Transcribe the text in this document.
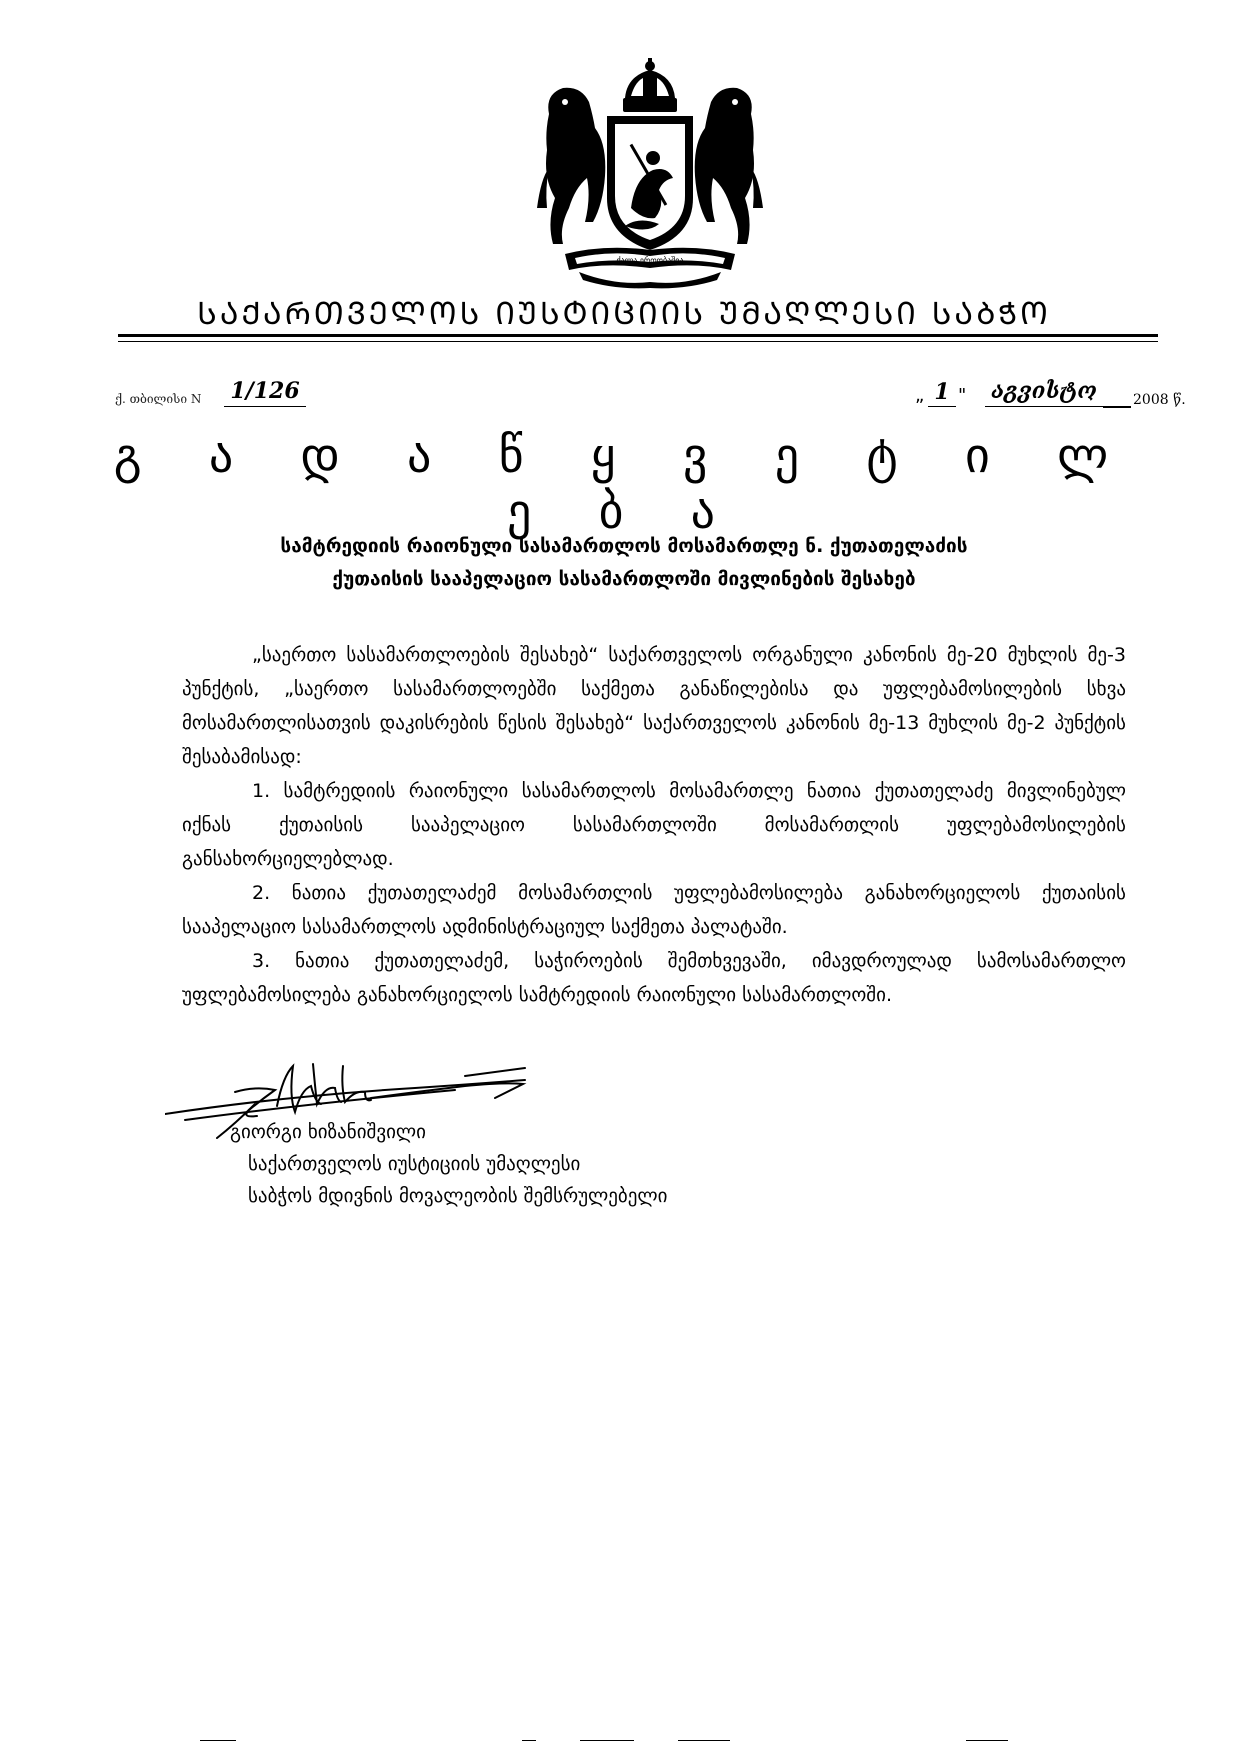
ძალა ერთობაშია
ᲡᲐᲥᲐᲠᲗᲕᲔᲚᲝᲡ ᲘᲣᲡᲢᲘᲪᲘᲘᲡ ᲣᲛᲐᲦᲚᲔᲡᲘ ᲡᲐᲑᲭᲝ
ქ. თბილისი N 1/126	„ 1 " აგვისტო	2008 წ.
გ ა დ ა წ ყ ვ ე ტ ი ლ ე ბ ა
სამტრედიის რაიონული სასამართლოს მოსამართლე ნ. ქუთათელაძის
ქუთაისის სააპელაციო სასამართლოში მივლინების შესახებ

„საერთო სასამართლოების შესახებ“ საქართველოს ორგანული კანონის მე-20 მუხლის მე-3 პუნქტის, „საერთო სასამართლოებში საქმეთა განაწილებისა და უფლებამოსილების სხვა მოსამართლისათვის დაკისრების წესის შესახებ“ საქართველოს კანონის მე-13 მუხლის მე-2 პუნქტის შესაბამისად:

1. სამტრედიის რაიონული სასამართლოს მოსამართლე ნათია ქუთათელაძე მივლინებულ იქნას ქუთაისის სააპელაციო სასამართლოში მოსამართლის უფლებამოსილების განსახორციელებლად.

2. ნათია ქუთათელაძემ მოსამართლის უფლებამოსილება განახორციელოს ქუთაისის სააპელაციო სასამართლოს ადმინისტრაციულ საქმეთა პალატაში.

3. ნათია ქუთათელაძემ, საჭიროების შემთხვევაში, იმავდროულად სამოსამართლო უფლებამოსილება განახორციელოს სამტრედიის რაიონული სასამართლოში.

გიორგი ხიზანიშვილი
საქართველოს იუსტიციის უმაღლესი
საბჭოს მდივნის მოვალეობის შემსრულებელი
